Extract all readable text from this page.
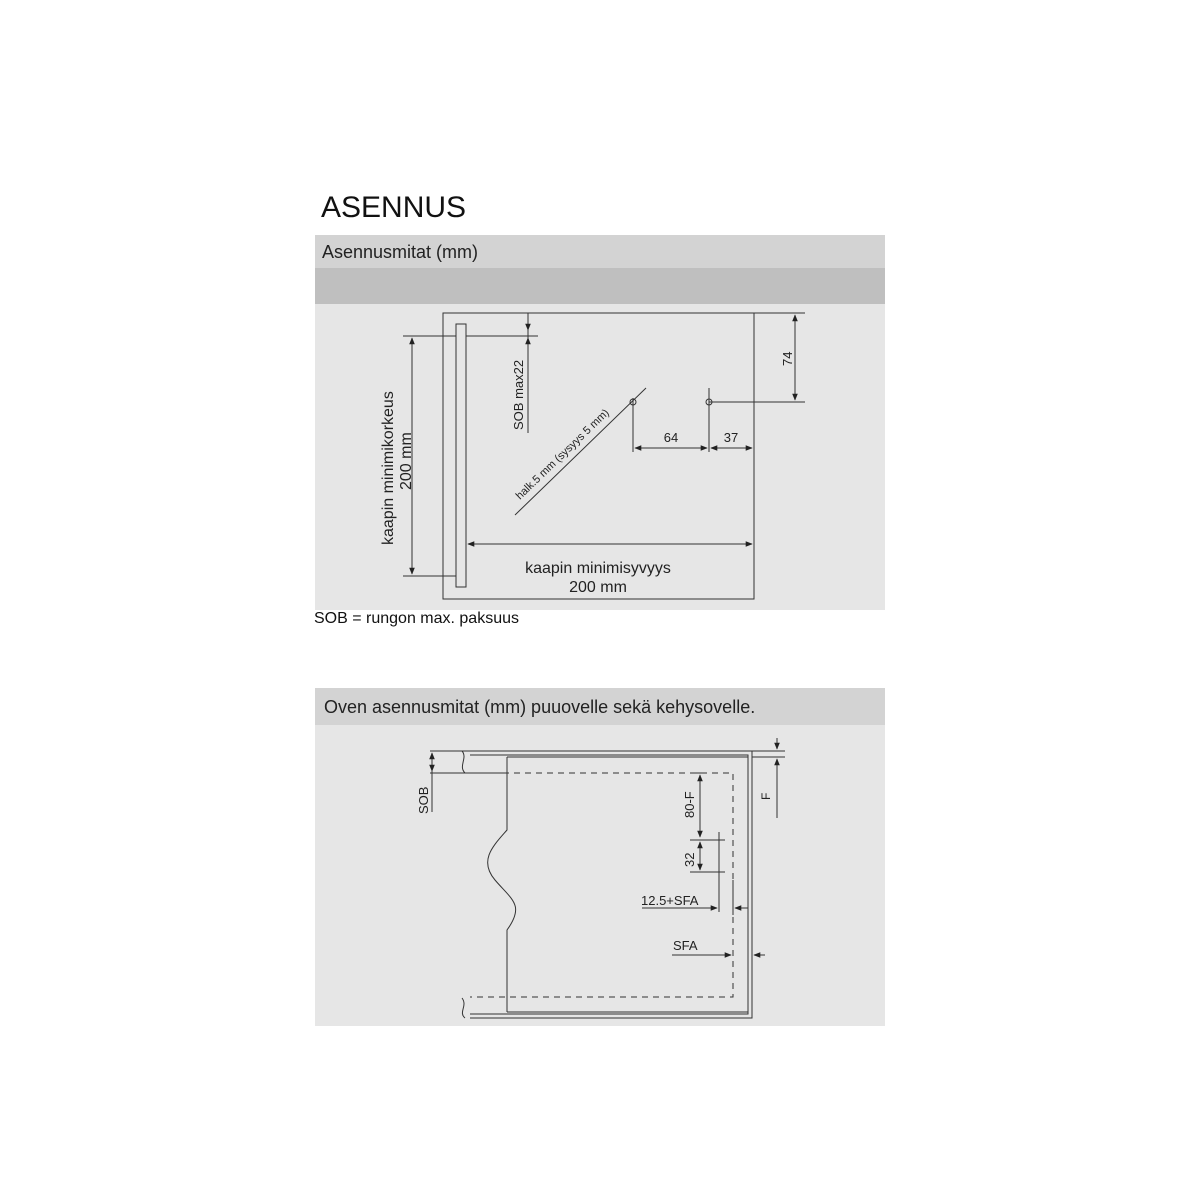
ASENNUS
Asennusmitat (mm)
kaapin minimikorkeus 200 mm
kaapin minimisyvyys
200 mm
SOB max22
halk.5 mm (sysyys 5 mm)	64	37
74
SOB = rungon max. paksuus
Oven asennusmitat (mm) puuovelle sekä kehysovelle.
SOB	F
80-F
32
12.5+SFA
SFA
